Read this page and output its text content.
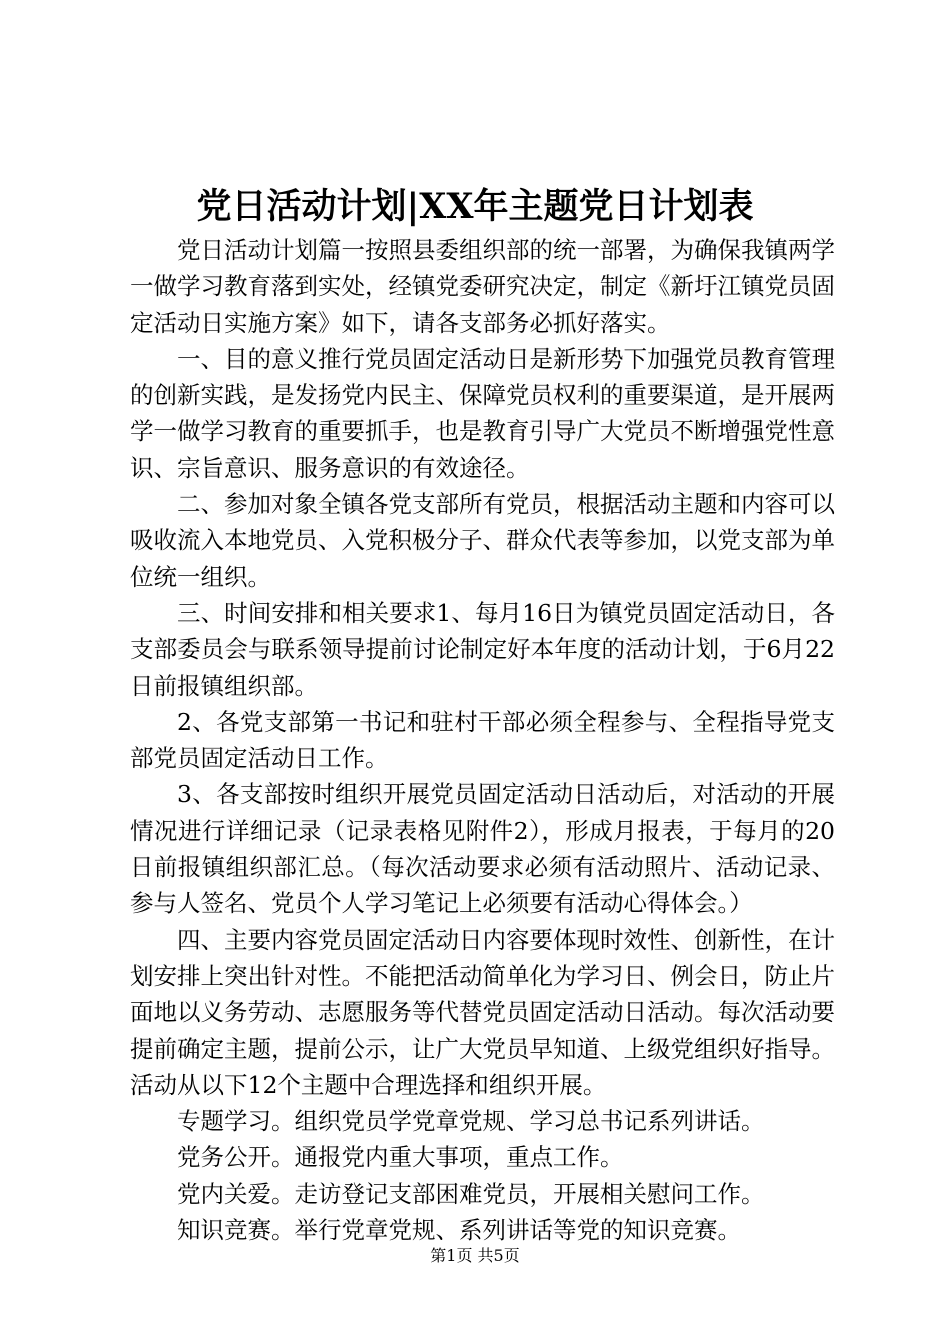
党日活动计划|XX年主题党日计划表

党日活动计划篇一按照县委组织部的统一部署，为确保我镇两学一做学习教育落到实处，经镇党委研究决定，制定《新圩江镇党员固定活动日实施方案》如下，请各支部务必抓好落实。

一、目的意义推行党员固定活动日是新形势下加强党员教育管理的创新实践，是发扬党内民主、保障党员权利的重要渠道，是开展两学一做学习教育的重要抓手，也是教育引导广大党员不断增强党性意识、宗旨意识、服务意识的有效途径。

二、参加对象全镇各党支部所有党员，根据活动主题和内容可以吸收流入本地党员、入党积极分子、群众代表等参加，以党支部为单位统一组织。

三、时间安排和相关要求1、每月16日为镇党员固定活动日，各支部委员会与联系领导提前讨论制定好本年度的活动计划，于6月22日前报镇组织部。

2、各党支部第一书记和驻村干部必须全程参与、全程指导党支部党员固定活动日工作。

3、各支部按时组织开展党员固定活动日活动后，对活动的开展情况进行详细记录（记录表格见附件2），形成月报表，于每月的20日前报镇组织部汇总。（每次活动要求必须有活动照片、活动记录、参与人签名、党员个人学习笔记上必须要有活动心得体会。）

四、主要内容党员固定活动日内容要体现时效性、创新性，在计划安排上突出针对性。不能把活动简单化为学习日、例会日，防止片面地以义务劳动、志愿服务等代替党员固定活动日活动。每次活动要提前确定主题，提前公示，让广大党员早知道、上级党组织好指导。活动从以下12个主题中合理选择和组织开展。

专题学习。组织党员学党章党规、学习总书记系列讲话。

党务公开。通报党内重大事项，重点工作。

党内关爱。走访登记支部困难党员，开展相关慰问工作。

知识竞赛。举行党章党规、系列讲话等党的知识竞赛。

第1页 共5页
